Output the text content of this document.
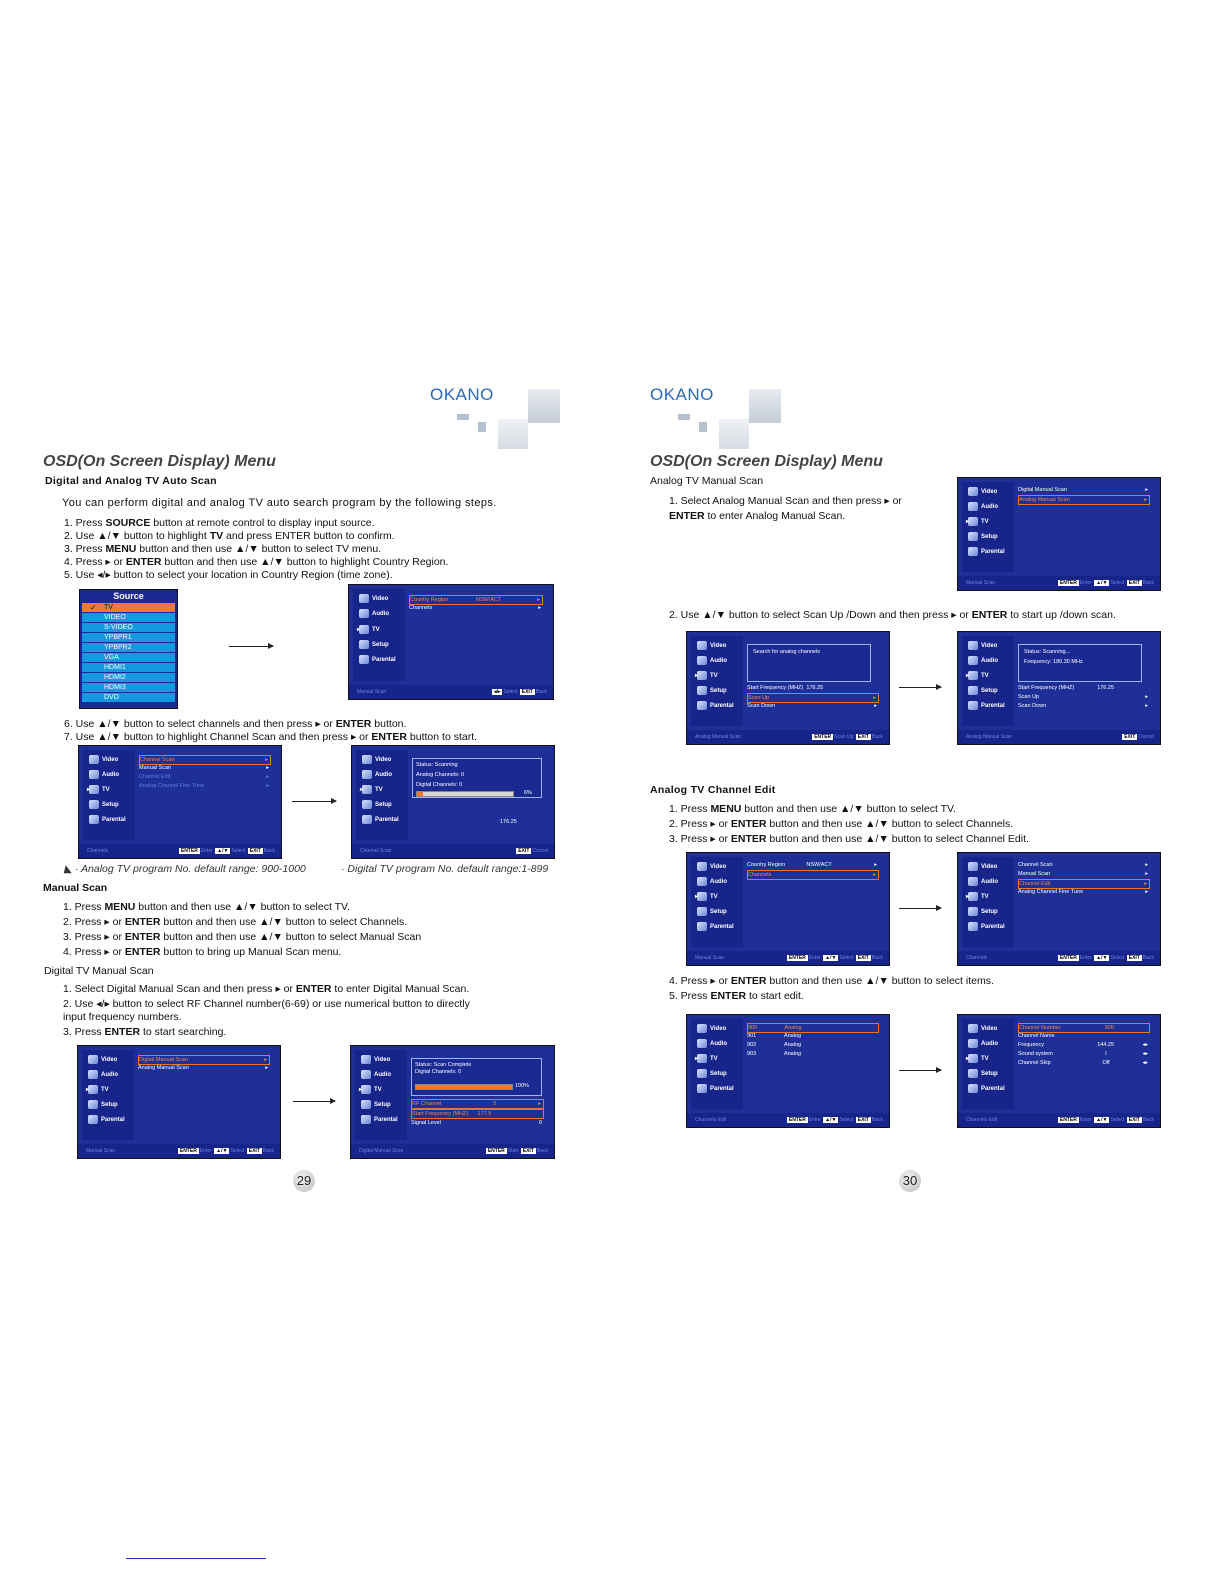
OKANO
OSD(On Screen Display) Menu
Digital and Analog TV Auto Scan
You can perform digital and analog TV auto search program by the following steps.
1. Press SOURCE button at remote control to display input source.
2. Use ▲/▼ button to highlight TV and press ENTER button to confirm.
3. Press MENU button and then use ▲/▼ button to select TV menu.
4. Press ▸ or ENTER button and then use ▲/▼ button to highlight Country Region.
5. Use ◂/▸ button to select your location in Country Region (time zone).
Source
✓ TV
VIDEO
S-VIDEO
YPBPR1
YPBPR2
VGA
HDMI1
HDMI2
HDMI3
DVD
Video
Audio
▸ TV
Setup
Parental
Country Region	NSW/ACT	▸
Channels	▸
Manual Scan	◂/▸ Select EXIT Back
6. Use ▲/▼ button to select channels and then press ▸ or ENTER button.
7. Use ▲/▼ button to highlight Channel Scan and then press ▸ or ENTER button to start.
Video
Audio
▸ TV
Setup
Parental
Channel Scan	▸
Manual Scan	▸
Channel Edit	▸
Analog Channel Fine Tune	▸
Channels	ENTER Enter ▲/▼ Select EXIT Back
Video
Audio
▸ TV
Setup
Parental
Status: Scanning
Analog Channels: 0
Digital Channels: 0
6%
176.25
Channel Scan	EXIT Cancel
◣ · Analog TV program No. default range: 900-1000	· Digital TV program No. default range:1-899
Manual Scan
1. Press MENU button and then use ▲/▼ button to select TV.
2. Press ▸ or ENTER button and then use ▲/▼ button to select Channels.
3. Press ▸ or ENTER button and then use ▲/▼ button to select Manual Scan
4. Press ▸ or ENTER button to bring up Manual Scan menu.
Digital TV Manual Scan
1. Select Digital Manual Scan and then press ▸ or ENTER to enter Digital Manual Scan.
2. Use ◂/▸ button to select RF Channel number(6-69) or use numerical button to directly
input frequency numbers.
3. Press ENTER to start searching.
Video
Audio
▸ TV
Setup
Parental
Digital Manual Scan	▸
Analog Manual Scan	▸
Manual Scan	ENTER Enter ▲/▼ Select EXIT Back
Video
Audio
▸ TV
Setup
Parental
Status: Scan Complete
Digital Channels: 0
100%
RF Channel	5	▸
Start Frequency (MHZ) 177.5
Signal Level	0
Digital Manual Scan	ENTER Start EXIT Back
29
OKANO
OSD(On Screen Display) Menu
Analog TV Manual Scan
1. Select Analog Manual Scan and then press ▸ or
ENTER to enter Analog Manual Scan.
Video
Audio
▸ TV
Setup
Parental
Digital Manual Scan	▸
Analog Manual Scan	▸
Manual Scan	ENTER Enter ▲/▼ Select EXIT Back
2. Use ▲/▼ button to select Scan Up /Down and then press ▸ or ENTER to start up /down scan.
Video
Audio
▸ TV
Setup
Parental
Search for analog channels
Start Frequency (MHZ) 176.25
Scan Up	▸
Scan Down	▸
Analog Manual Scan	ENTER Scan Up EXIT Back
Video
Audio
▸ TV
Setup
Parental
Status: Scanning...
Frequency: 180.30 MHz
Start Frequency (MHZ)	176.25
Scan Up	▸
Scan Down	▸
Analog Manual Scan	EXIT Cancel
Analog TV Channel Edit
1. Press MENU button and then use ▲/▼ button to select TV.
2. Press ▸ or ENTER button and then use ▲/▼ button to select Channels.
3. Press ▸ or ENTER button and then use ▲/▼ button to select Channel Edit.
Video
Audio
▸ TV
Setup
Parental
Country Region	NSW/ACT	▸
Channels	▸
Manual Scan	ENTER Enter ▲/▼ Select EXIT Back
Video
Audio
▸ TV
Setup
Parental
Channel Scan	▸
Manual Scan	▸
Channel Edit	▸
Analog Channel Fine Tune	▸
Channels	ENTER Enter ▲/▼ Select EXIT Back
4. Press ▸ or ENTER button and then use ▲/▼ button to select items.
5. Press ENTER to start edit.
Video
Audio
▸ TV
Setup
Parental
900	Analog
901	Analog
902	Analog
903	Analog
Channels Edit	ENTER Enter ▲/▼ Select EXIT Back
Video
Audio
▸ TV
Setup
Parental
Channel Number	900
Channel Name
Frequency	144.25	◂▸
Sound system	I	◂▸
Channel Skip	Off	◂▸
Channels Edit	ENTER Enter ▲/▼ Select EXIT Back
30
